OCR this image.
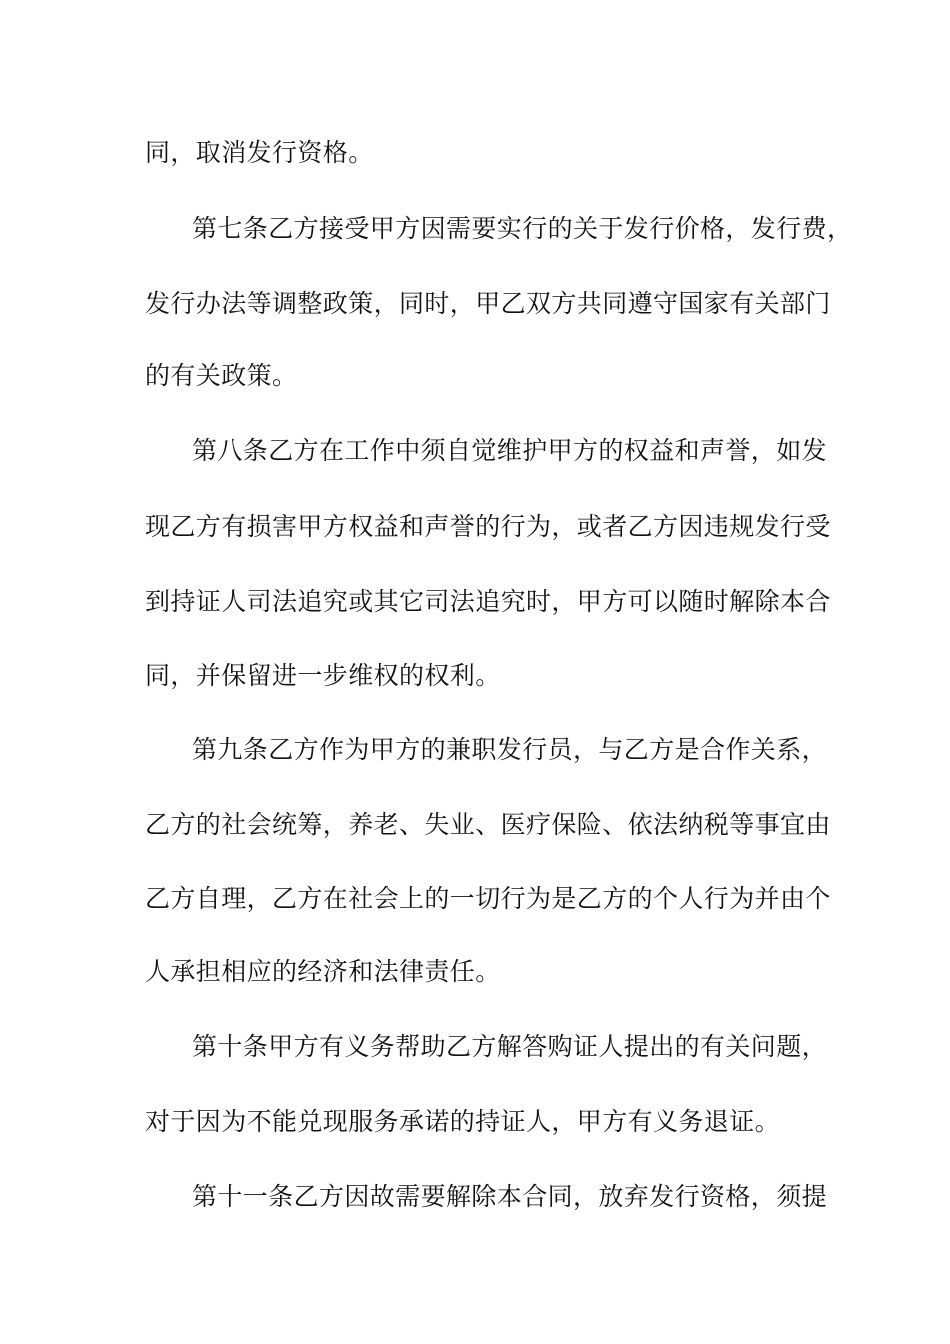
同，取消发行资格。
第七条乙方接受甲方因需要实行的关于发行价格，发行费，
发行办法等调整政策，同时，甲乙双方共同遵守国家有关部门
的有关政策。
第八条乙方在工作中须自觉维护甲方的权益和声誉，如发
现乙方有损害甲方权益和声誉的行为，或者乙方因违规发行受
到持证人司法追究或其它司法追究时，甲方可以随时解除本合
同，并保留进一步维权的权利。
第九条乙方作为甲方的兼职发行员，与乙方是合作关系，
乙方的社会统筹，养老、失业、医疗保险、依法纳税等事宜由
乙方自理，乙方在社会上的一切行为是乙方的个人行为并由个
人承担相应的经济和法律责任。
第十条甲方有义务帮助乙方解答购证人提出的有关问题，
对于因为不能兑现服务承诺的持证人，甲方有义务退证。
第十一条乙方因故需要解除本合同，放弃发行资格，须提
